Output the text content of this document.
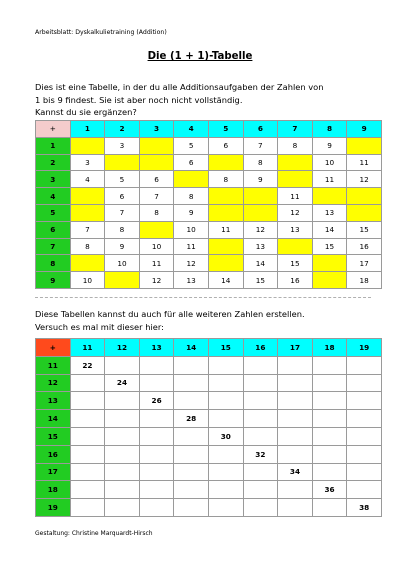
Arbeitsblatt: Dyskalkulietraining (Addition)
Die (1 + 1)-Tabelle
Dies ist eine Tabelle, in der du alle Additionsaufgaben der Zahlen von
1 bis 9 findest. Sie ist aber noch nicht vollständig.
Kannst du sie ergänzen?
+	1	2	3	4	5	6	7	8	9
1		3		5	6	7	8	9	
2	3			6		8		10	11
3	4	5	6		8	9		11	12
4		6	7	8			11		
5		7	8	9			12	13	
6	7	8		10	11	12	13	14	15
7	8	9	10	11		13		15	16
8		10	11	12		14	15		17
9	10		12	13	14	15	16		18
Diese Tabellen kannst du auch für alle weiteren Zahlen erstellen.
Versuch es mal mit dieser hier:
+	11	12	13	14	15	16	17	18	19
11	22								
12		24							
13			26						
14				28					
15					30				
16						32			
17							34		
18								36	
19									38
Gestaltung: Christine Marquardt-Hirsch
